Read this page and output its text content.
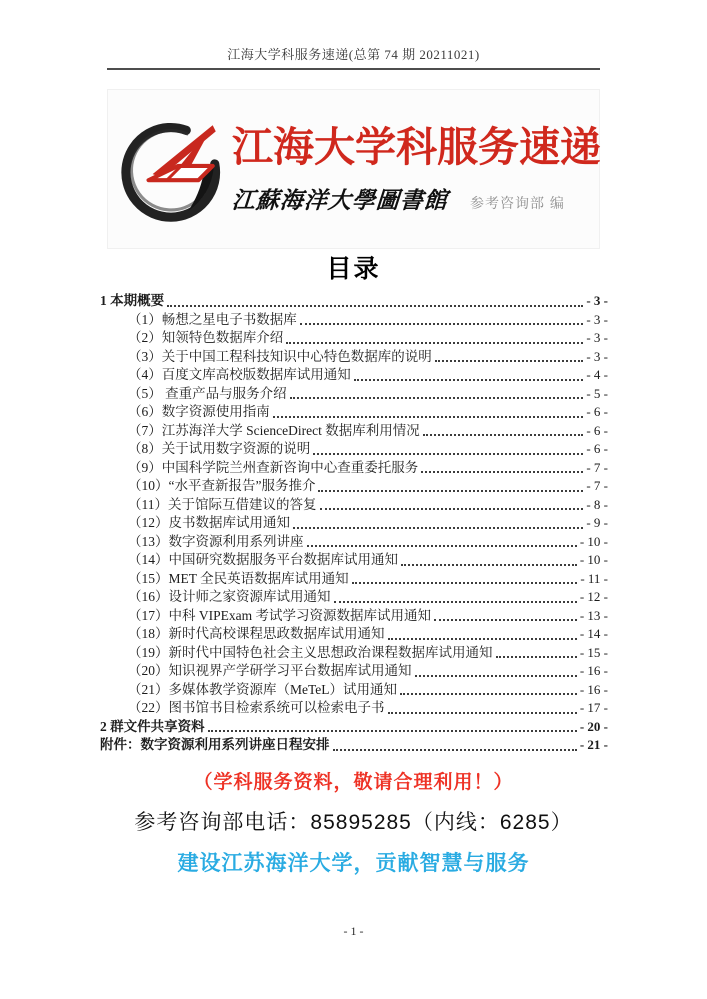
江海大学科服务速递(总第 74 期 20211021)
江海大学科服务速递
江蘇海洋大學圖書館 参考咨询部 编
目录
1 本期概要	- 3 -
（1）畅想之星电子书数据库	- 3 -
（2）知领特色数据库介绍	- 3 -
（3）关于中国工程科技知识中心特色数据库的说明	- 3 -
（4）百度文库高校版数据库试用通知	- 4 -
（5） 查重产品与服务介绍	- 5 -
（6）数字资源使用指南	- 6 -
（7）江苏海洋大学 ScienceDirect 数据库利用情况	- 6 -
（8）关于试用数字资源的说明	- 6 -
（9）中国科学院兰州查新咨询中心查重委托服务	- 7 -
（10）“水平查新报告”服务推介	- 7 -
（11）关于馆际互借建议的答复	- 8 -
（12）皮书数据库试用通知	- 9 -
（13）数字资源利用系列讲座	- 10 -
（14）中国研究数据服务平台数据库试用通知	- 10 -
（15）MET 全民英语数据库试用通知	- 11 -
（16）设计师之家资源库试用通知	- 12 -
（17）中科 VIPExam 考试学习资源数据库试用通知	- 13 -
（18）新时代高校课程思政数据库试用通知	- 14 -
（19）新时代中国特色社会主义思想政治课程数据库试用通知	- 15 -
（20）知识视界产学研学习平台数据库试用通知	- 16 -
（21）多媒体教学资源库（MeTeL）试用通知	- 16 -
（22）图书馆书目检索系统可以检索电子书	- 17 -
2 群文件共享资料	- 20 -
附件：数字资源利用系列讲座日程安排	- 21 -
（学科服务资料，敬请合理利用！）
参考咨询部电话：85895285（内线：6285）
建设江苏海洋大学，贡献智慧与服务
- 1 -
